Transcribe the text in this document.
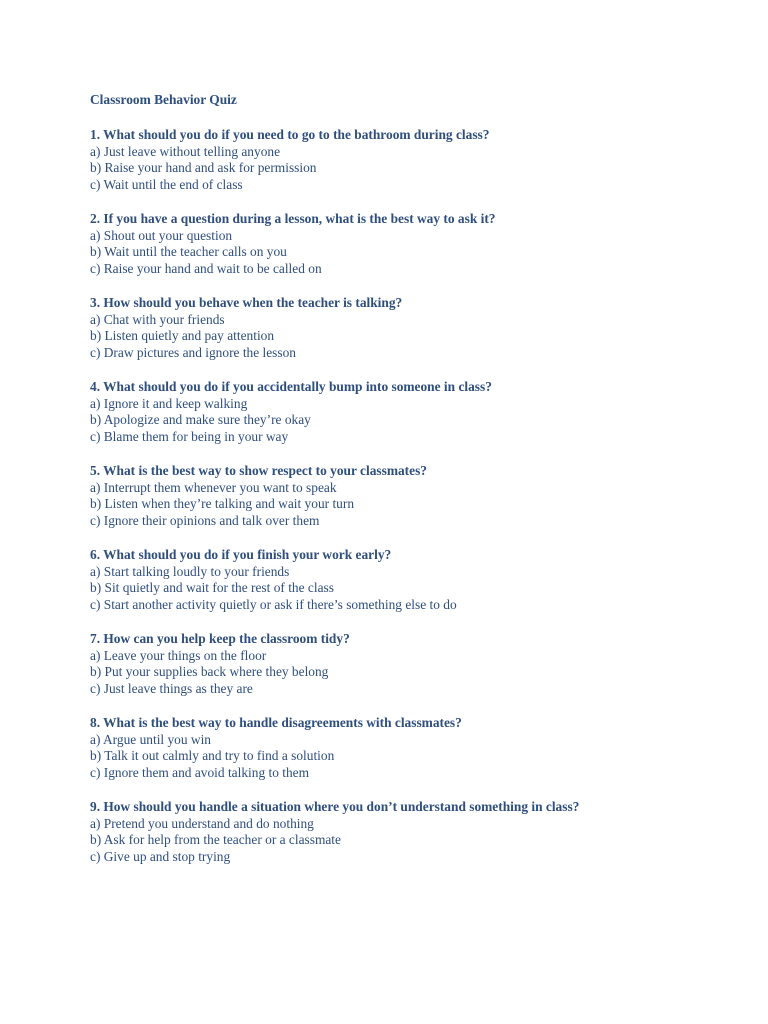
Classroom Behavior Quiz

1. What should you do if you need to go to the bathroom during class?

a) Just leave without telling anyone

b) Raise your hand and ask for permission

c) Wait until the end of class

2. If you have a question during a lesson, what is the best way to ask it?

a) Shout out your question

b) Wait until the teacher calls on you

c) Raise your hand and wait to be called on

3. How should you behave when the teacher is talking?

a) Chat with your friends

b) Listen quietly and pay attention

c) Draw pictures and ignore the lesson

4. What should you do if you accidentally bump into someone in class?

a) Ignore it and keep walking

b) Apologize and make sure they’re okay

c) Blame them for being in your way

5. What is the best way to show respect to your classmates?

a) Interrupt them whenever you want to speak

b) Listen when they’re talking and wait your turn

c) Ignore their opinions and talk over them

6. What should you do if you finish your work early?

a) Start talking loudly to your friends

b) Sit quietly and wait for the rest of the class

c) Start another activity quietly or ask if there’s something else to do

7. How can you help keep the classroom tidy?

a) Leave your things on the floor

b) Put your supplies back where they belong

c) Just leave things as they are

8. What is the best way to handle disagreements with classmates?

a) Argue until you win

b) Talk it out calmly and try to find a solution

c) Ignore them and avoid talking to them

9. How should you handle a situation where you don’t understand something in class?

a) Pretend you understand and do nothing

b) Ask for help from the teacher or a classmate

c) Give up and stop trying
